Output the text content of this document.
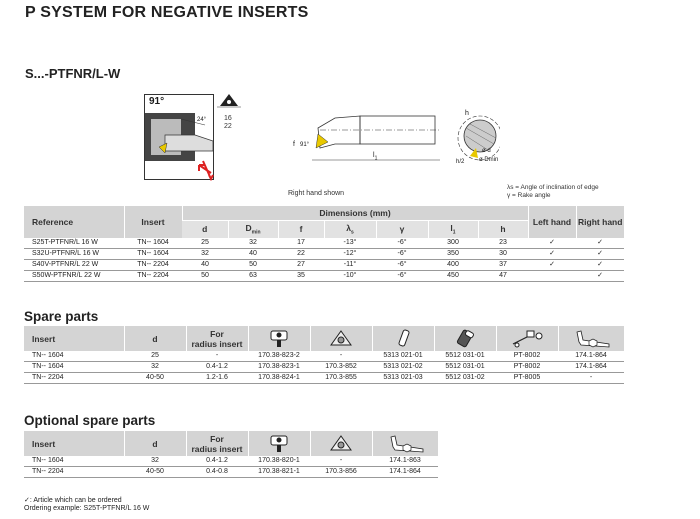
P SYSTEM FOR NEGATIVE INSERTS
S...-PTFNR/L-W
91°
24°	16
22
f 91°
$l_1$
h
h/2
ø d
ø Dmin
Right hand shown
λs = Angle of inclination of edge
γ = Rake angle
Reference	Insert	Dimensions (mm)							Left hand	Right hand
		d	$D_{min}$	f	$\lambda_s$	γ	$l_1$	h		
S25T-PTFNR/L 16 W	TN-- 1604	25	32	17	-13°	-6°	300	23	✓	✓
S32U-PTFNR/L 16 W	TN-- 1604	32	40	22	-12°	-6°	350	30	✓	✓
S40V-PTFNR/L 22 W	TN-- 2204	40	50	27	-11°	-6°	400	37	✓	✓
S50W-PTFNR/L 22 W	TN-- 2204	50	63	35	-10°	-6°	450	47		✓
Spare parts
Insert	d	For
radius insert						
TN-- 1604	25	-	170.38-823-2	-	5313 021-01	5512 031-01	PT-8002	174.1-864
TN-- 1604	32	0.4-1.2	170.38-823-1	170.3-852	5313 021-02	5512 031-01	PT-8002	174.1-864
TN-- 2204	40-50	1.2-1.6	170.38-824-1	170.3-855	5313 021-03	5512 031-02	PT-8005	-
Optional spare parts
Insert	d	For
radius insert			
TN-- 1604	32	0.4-1.2	170.38-820-1	-	174.1-863
TN-- 2204	40-50	0.4-0.8	170.38-821-1	170.3-856	174.1-864
✓: Article which can be ordered
Ordering example: S25T-PTFNR/L 16 W
